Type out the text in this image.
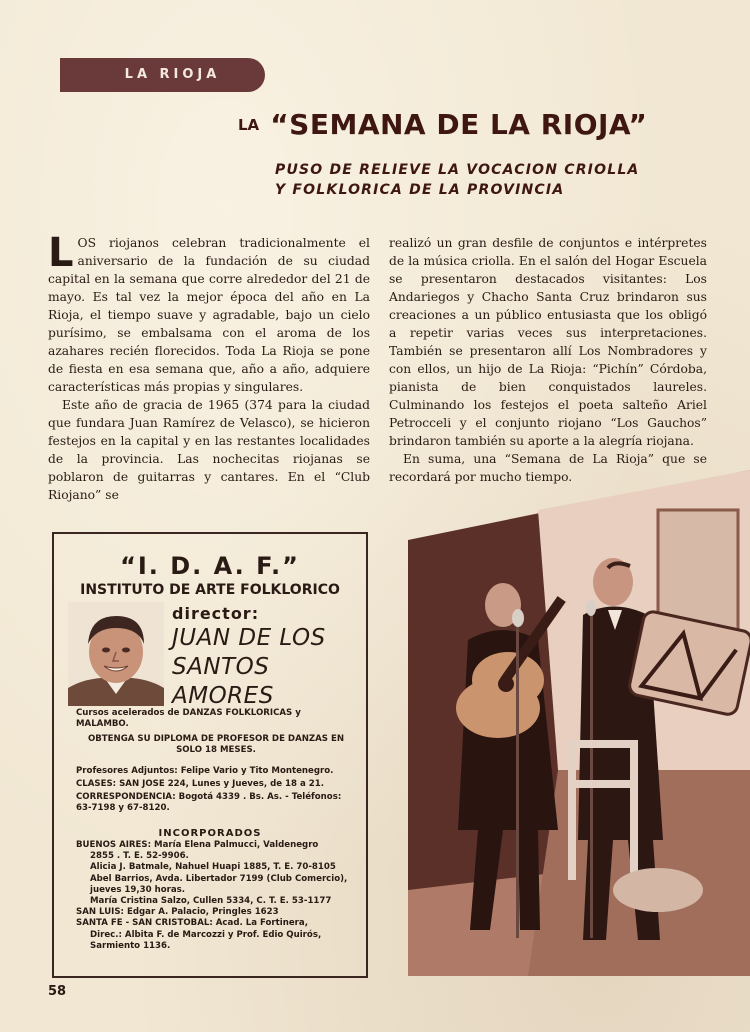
LA RIOJA
LA “SEMANA DE LA RIOJA”
PUSO DE RELIEVE LA VOCACION CRIOLLA
Y FOLKLORICA DE LA PROVINCIA

LOS riojanos celebran tradicionalmente el aniversario de la fundación de su ciudad capital en la semana que corre alrededor del 21 de mayo. Es tal vez la mejor época del año en La Rioja, el tiempo suave y agradable, bajo un cielo purísimo, se embalsama con el aroma de los azahares recién florecidos. Toda La Rioja se pone de fiesta en esa semana que, año a año, adquiere características más propias y singulares.

Este año de gracia de 1965 (374 para la ciudad que fundara Juan Ramírez de Velasco), se hicieron festejos en la capital y en las restantes localidades de la provincia. Las nochecitas riojanas se poblaron de guitarras y cantares. En el “Club Riojano” se

realizó un gran desfile de conjuntos e intérpretes de la música criolla. En el salón del Hogar Escuela se presentaron destacados visitantes: Los Andariegos y Chacho Santa Cruz brindaron sus creaciones a un público entusiasta que los obligó a repetir varias veces sus interpretaciones. También se presentaron allí Los Nombradores y con ellos, un hijo de La Rioja: “Pichín” Córdoba, pianista de bien conquistados laureles. Culminando los festejos el poeta salteño Ariel Petrocceli y el conjunto riojano “Los Gauchos” brindaron también su aporte a la alegría riojana.

En suma, una “Semana de La Rioja” que se recordará por mucho tiempo.

“I. D. A. F.”
INSTITUTO DE ARTE FOLKLORICO
director:
JUAN DE LOS SANTOS AMORES
Cursos acelerados de DANZAS FOLKLORICAS y MALAMBO.
OBTENGA SU DIPLOMA DE PROFESOR DE DANZAS EN SOLO 18 MESES.
Profesores Adjuntos: Felipe Vario y Tito Montenegro.
CLASES: SAN JOSE 224, Lunes y Jueves, de 18 a 21.
CORRESPONDENCIA: Bogotá 4339 . Bs. As. - Teléfonos: 63-7198 y 67-8120.
INCORPORADOS
BUENOS AIRES: María Elena Palmucci, Valdenegro
2855 . T. E. 52-9906.
Alicia J. Batmale, Nahuel Huapi 1885, T. E. 70-8105
Abel Barrios, Avda. Libertador 7199 (Club Comercio),
jueves 19,30 horas.
María Cristina Salzo, Cullen 5334, C. T. E. 53-1177
SAN LUIS: Edgar A. Palacio, Pringles 1623
SANTA FE - SAN CRISTOBAL: Acad. La Fortinera,
Direc.: Albita F. de Marcozzi y Prof. Edio Quirós,
Sarmiento 1136.
58
